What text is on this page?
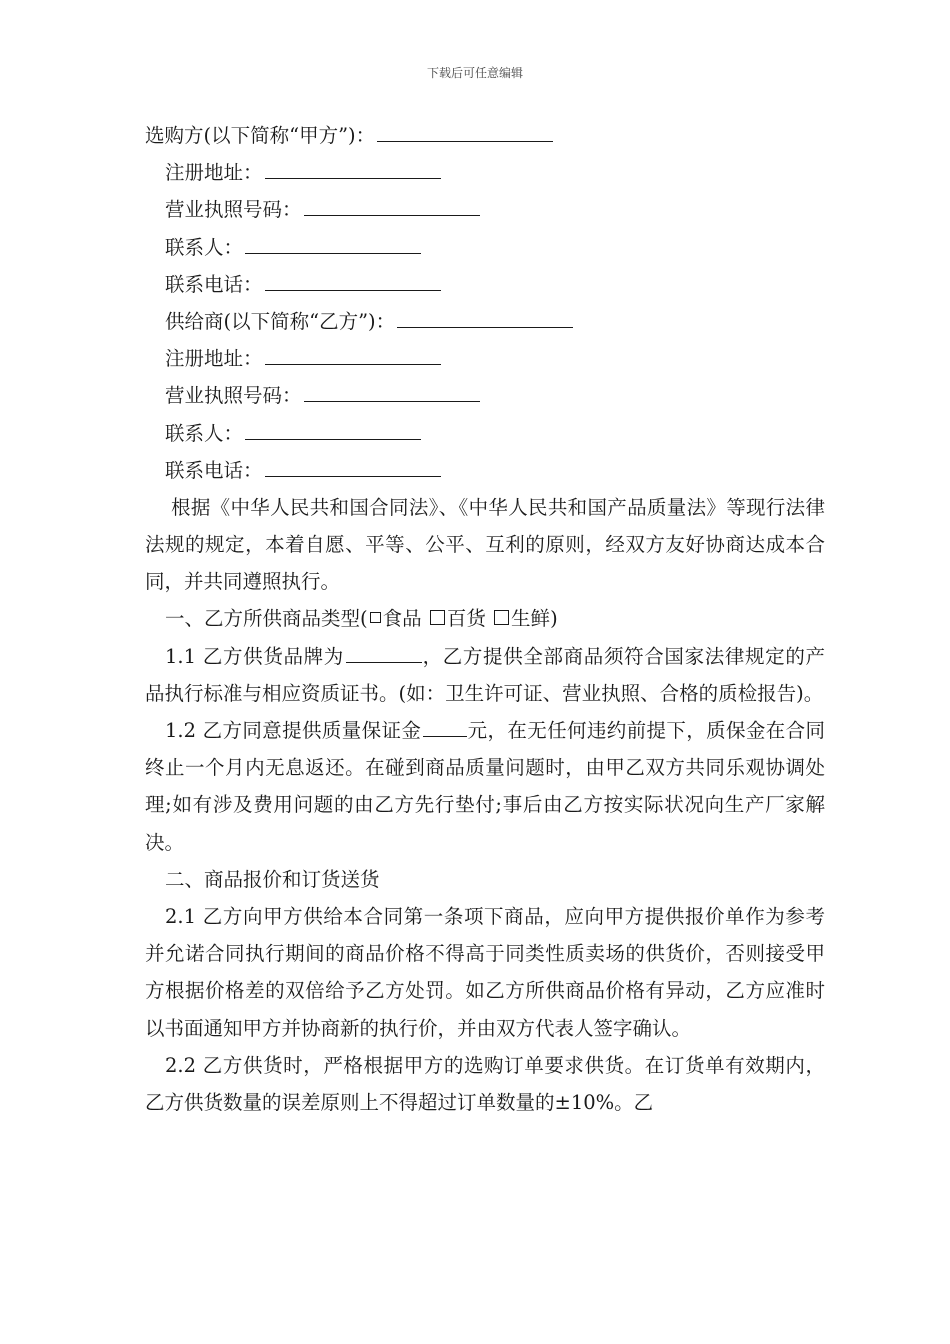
下载后可任意编辑
选购方(以下简称“甲方”)：
注册地址：
营业执照号码：
联系人：
联系电话：
供给商(以下简称“乙方”)：
注册地址：
营业执照号码：
联系人：
联系电话：

根据《中华人民共和国合同法》、《中华人民共和国产品质量法》等现行法律法规的规定，本着自愿、平等、公平、互利的原则，经双方友好协商达成本合同，并共同遵照执行。

一、乙方所供商品类型( 食品 百货 生鲜)

1.1 乙方供货品牌为	，乙方提供全部商品须符合国家法律规定的产品执行标准与相应资质证书。(如：卫生许可证、营业执照、合格的质检报告)。

1.2 乙方同意提供质量保证金 元，在无任何违约前提下，质保金在合同终止一个月内无息返还。在碰到商品质量问题时，由甲乙双方共同乐观协调处理;如有涉及费用问题的由乙方先行垫付;事后由乙方按实际状况向生产厂家解决。

二、商品报价和订货送货

2.1 乙方向甲方供给本合同第一条项下商品，应向甲方提供报价单作为参考并允诺合同执行期间的商品价格不得高于同类性质卖场的供货价，否则接受甲方根据价格差的双倍给予乙方处罚。如乙方所供商品价格有异动，乙方应准时以书面通知甲方并协商新的执行价，并由双方代表人签字确认。

2.2 乙方供货时，严格根据甲方的选购订单要求供货。在订货单有效期内，乙方供货数量的误差原则上不得超过订单数量的±10%。乙
